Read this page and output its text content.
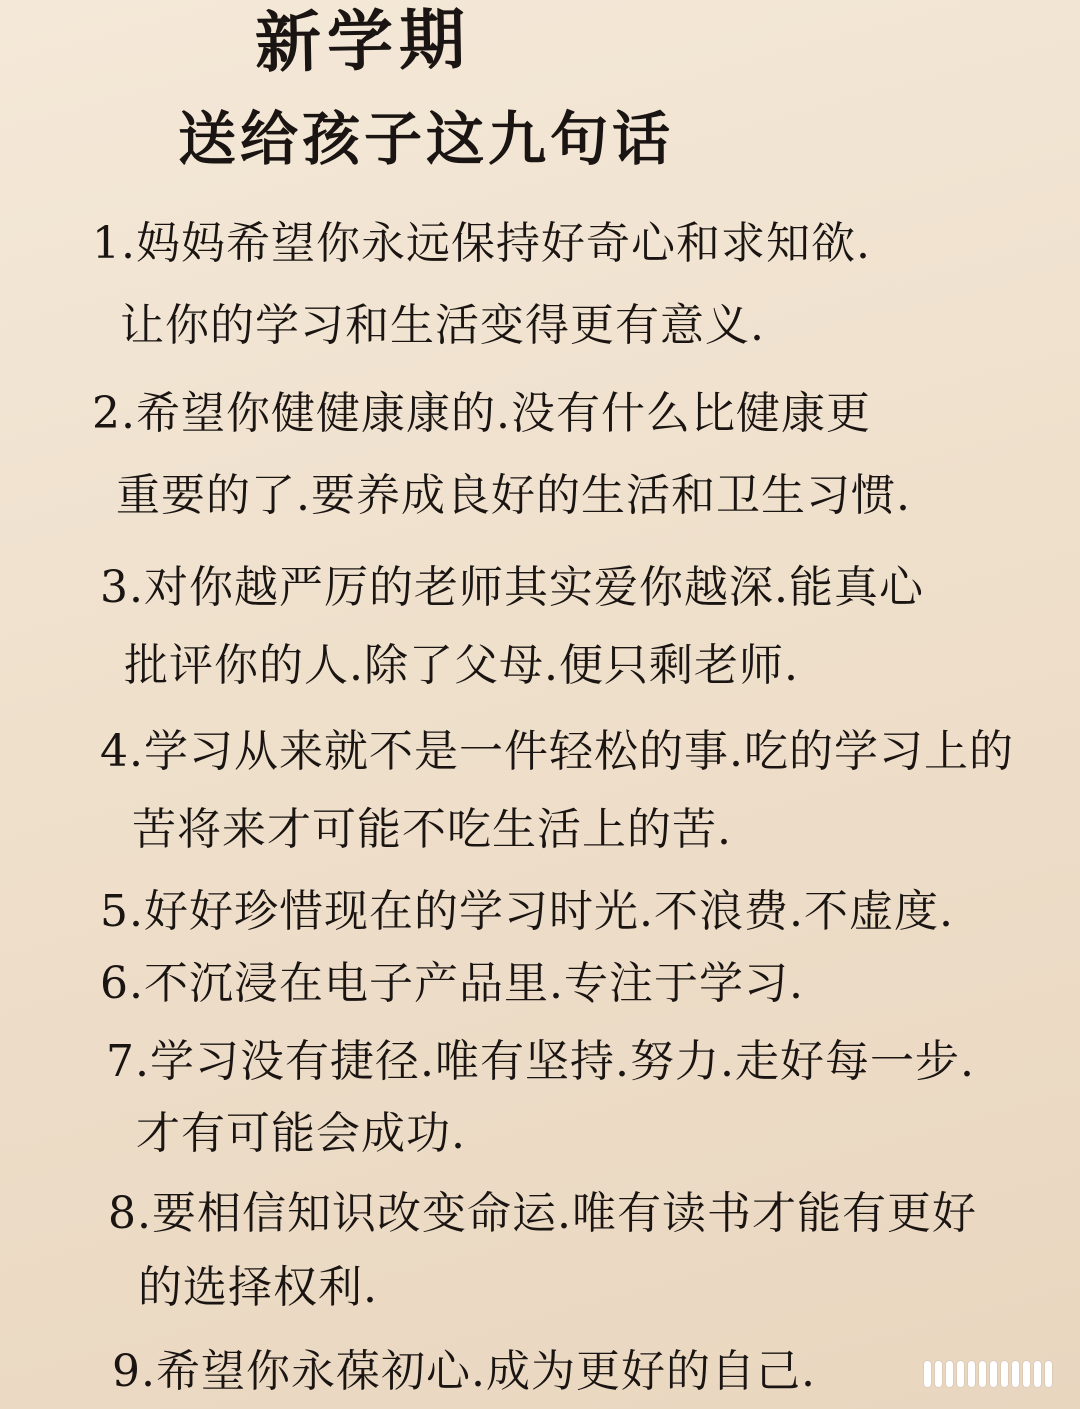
新学期
送给孩子这九句话
1.妈妈希望你永远保持好奇心和求知欲.
让你的学习和生活变得更有意义.
2.希望你健健康康的.没有什么比健康更
重要的了.要养成良好的生活和卫生习惯.
3.对你越严厉的老师其实爱你越深.能真心
批评你的人.除了父母.便只剩老师.
4.学习从来就不是一件轻松的事.吃的学习上的
苦将来才可能不吃生活上的苦.
5.好好珍惜现在的学习时光.不浪费.不虚度.
6.不沉浸在电子产品里.专注于学习.
7.学习没有捷径.唯有坚持.努力.走好每一步.
才有可能会成功.
8.要相信知识改变命运.唯有读书才能有更好
的选择权利.
9.希望你永葆初心.成为更好的自己.
